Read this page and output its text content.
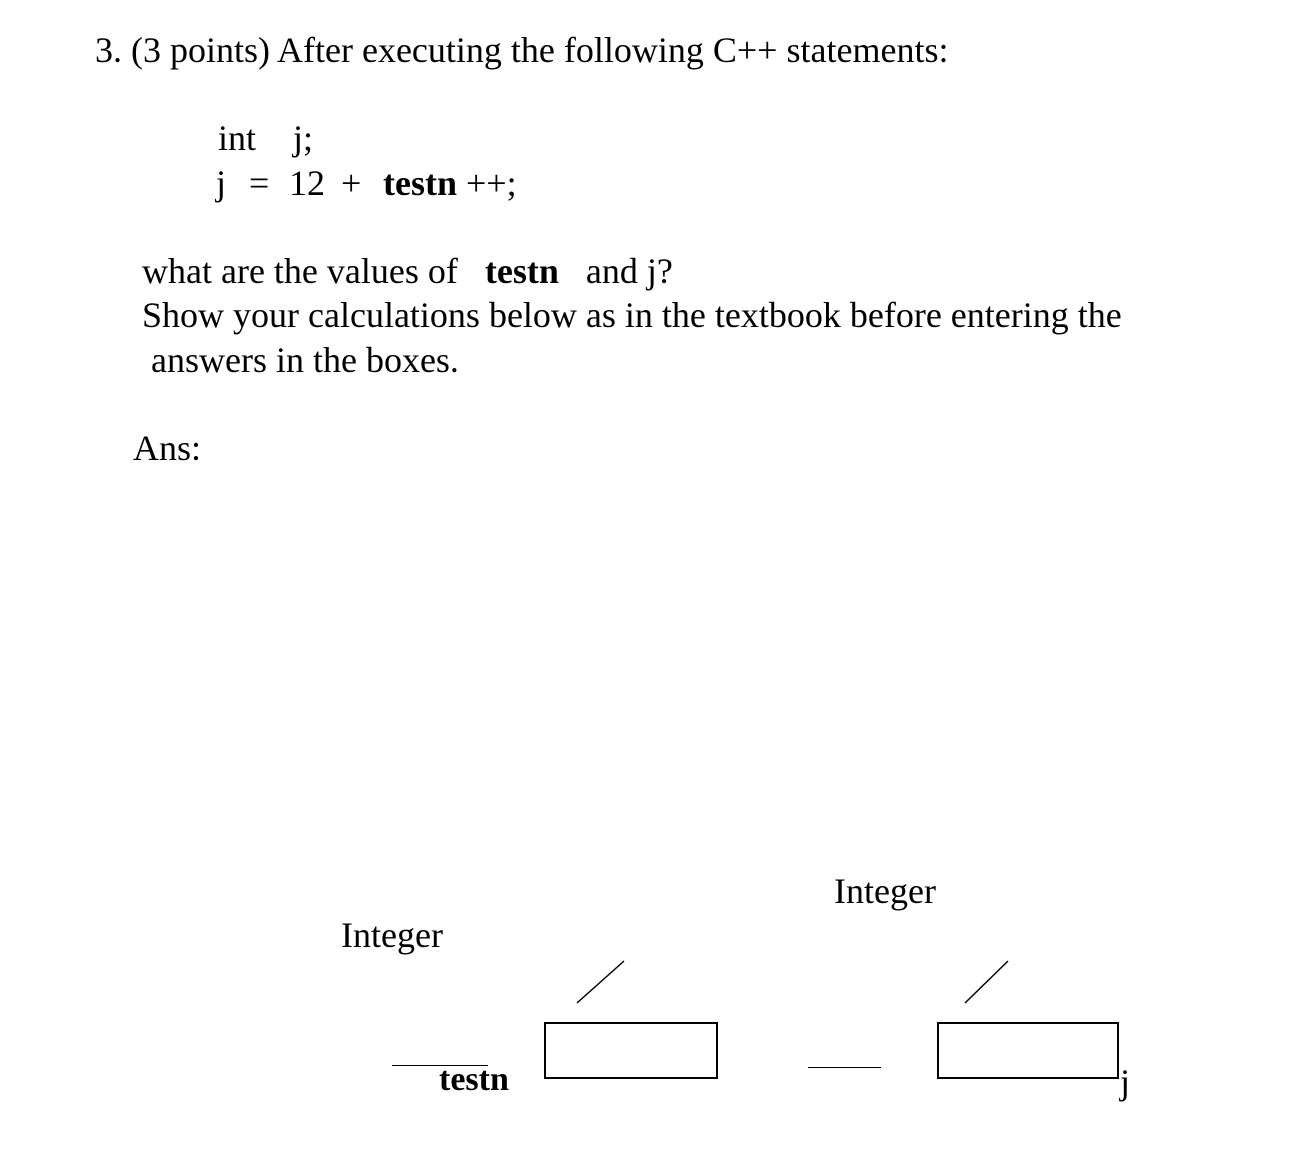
3. (3 points) After executing the following C++ statements:
int j;
j = 12 + testn ++;
what are the values of testn and j?
Show your calculations below as in the textbook before entering the
answers in the boxes.
Ans:
Integer
Integer
testn	j
